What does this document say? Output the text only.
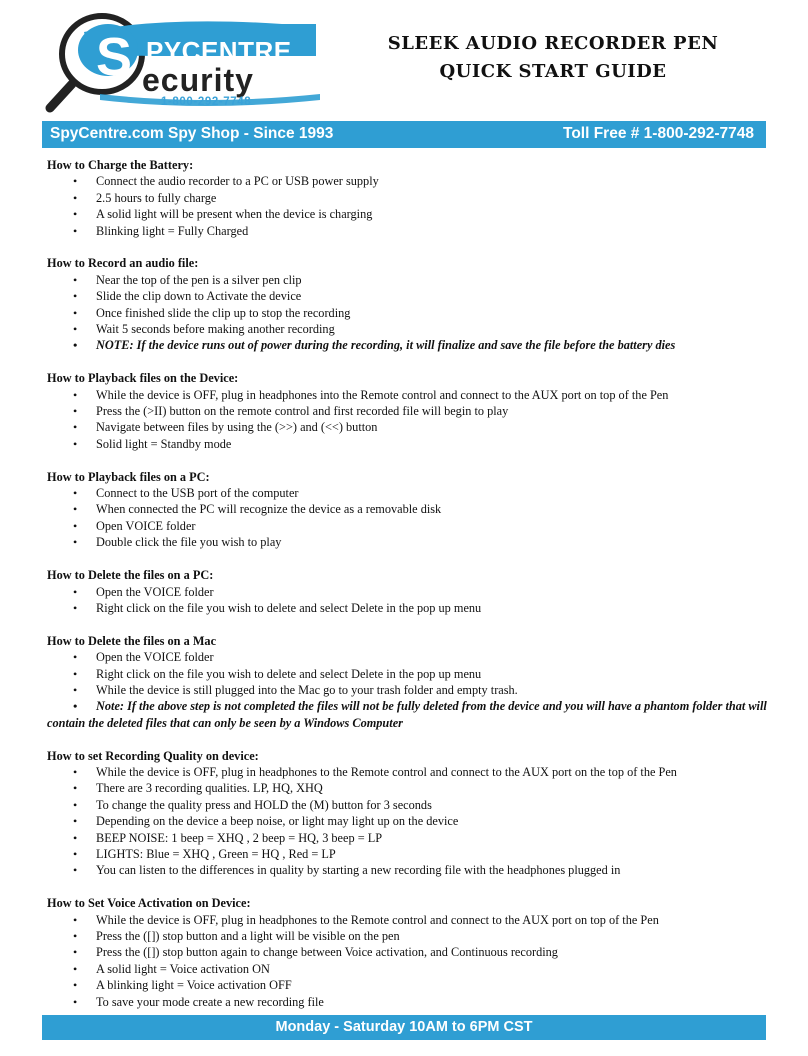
S PYCENTRE
ecurity
1-800-292-7748
SLEEK AUDIO RECORDER PEN
QUICK START GUIDE
SpyCentre.com Spy Shop - Since 1993	Toll Free # 1-800-292-7748
How to Charge the Battery:
• Connect the audio recorder to a PC or USB power supply
• 2.5 hours to fully charge
• A solid light will be present when the device is charging
• Blinking light = Fully Charged
How to Record an audio file:
• Near the top of the pen is a silver pen clip
• Slide the clip down to Activate the device
• Once finished slide the clip up to stop the recording
• Wait 5 seconds before making another recording
• NOTE: If the device runs out of power during the recording, it will finalize and save the file before the battery dies
How to Playback files on the Device:
• While the device is OFF, plug in headphones into the Remote control and connect to the AUX port on top of the Pen
• Press the (>II) button on the remote control and first recorded file will begin to play
• Navigate between files by using the (>>) and (<<) button
• Solid light = Standby mode
How to Playback files on a PC:
• Connect to the USB port of the computer
• When connected the PC will recognize the device as a removable disk
• Open VOICE folder
• Double click the file you wish to play
How to Delete the files on a PC:
• Open the VOICE folder
• Right click on the file you wish to delete and select Delete in the pop up menu
How to Delete the files on a Mac
• Open the VOICE folder
• Right click on the file you wish to delete and select Delete in the pop up menu
• While the device is still plugged into the Mac go to your trash folder and empty trash.
• Note: If the above step is not completed the files will not be fully deleted from the device and you will have a phantom folder that will contain the deleted files that can only be seen by a Windows Computer
How to set Recording Quality on device:
• While the device is OFF, plug in headphones to the Remote control and connect to the AUX port on the top of the Pen
• There are 3 recording qualities. LP, HQ, XHQ
• To change the quality press and HOLD the (M) button for 3 seconds
• Depending on the device a beep noise, or light may light up on the device
• BEEP NOISE: 1 beep = XHQ , 2 beep = HQ, 3 beep = LP
• LIGHTS: Blue = XHQ , Green = HQ , Red = LP
• You can listen to the differences in quality by starting a new recording file with the headphones plugged in
How to Set Voice Activation on Device:
• While the device is OFF, plug in headphones to the Remote control and connect to the AUX port on top of the Pen
• Press the ([]) stop button and a light will be visible on the pen
• Press the ([]) stop button again to change between Voice activation, and Continuous recording
• A solid light = Voice activation ON
• A blinking light = Voice activation OFF
• To save your mode create a new recording file
Monday - Saturday 10AM to 6PM CST
